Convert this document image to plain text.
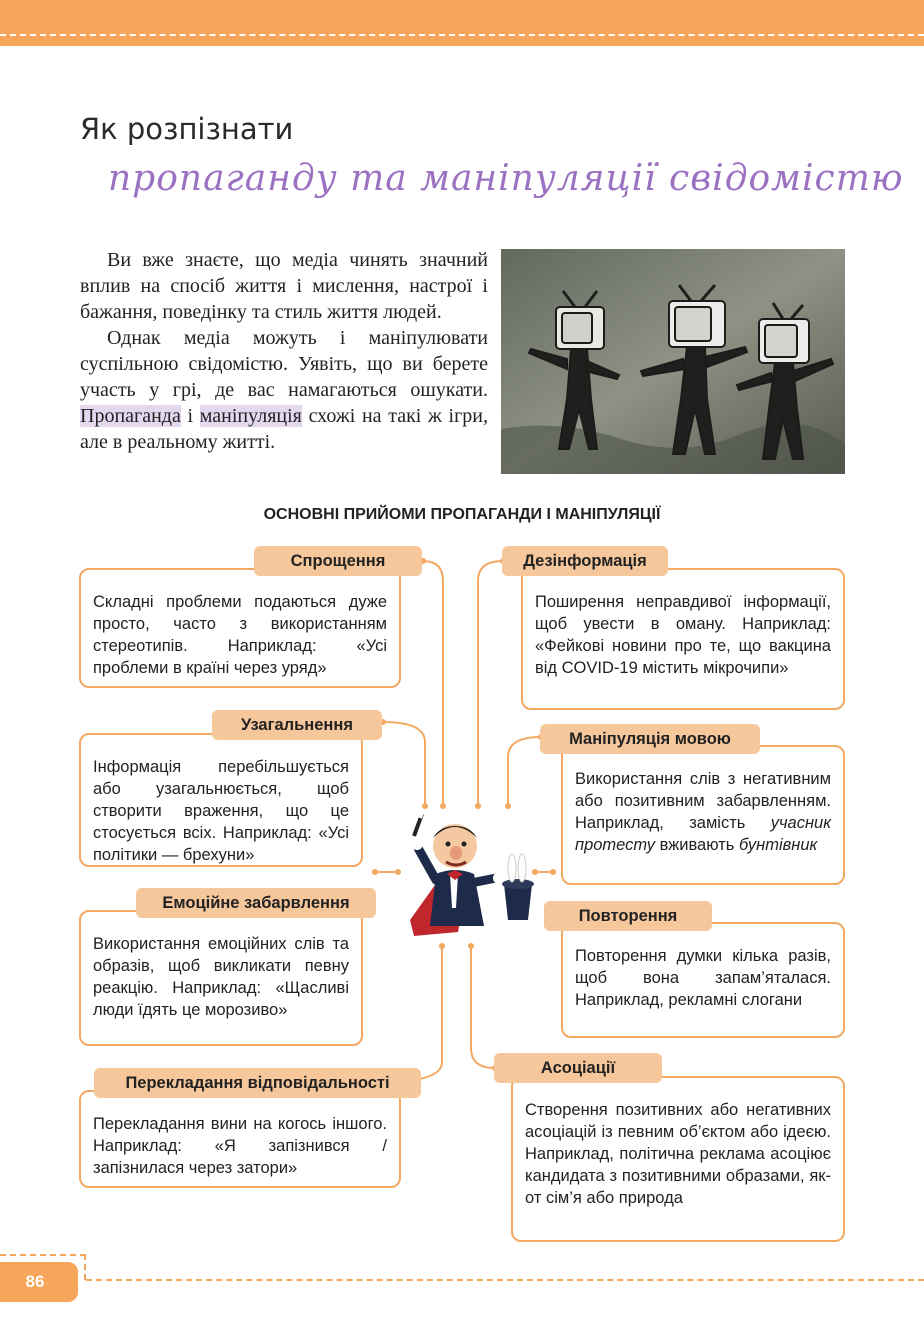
Як розпізнати
пропаганду та маніпуляції свідомістю

Ви вже знаєте, що медіа чинять значний вплив на спосіб життя і мислення, настрої і бажання, поведінку та стиль життя людей.

Однак медіа можуть і маніпулювати суспільною свідомістю. Уявіть, що ви берете участь у грі, де вас намагаються ошукати. Пропаганда і маніпуляція схожі на такі ж ігри, але в реальному житті.

ОСНОВНІ ПРИЙОМИ ПРОПАГАНДИ І МАНІПУЛЯЦІЇ
Складні проблеми подаються дуже просто, часто з використанням стереотипів. Наприклад: «Усі проблеми в країні через уряд»
Спрощення
Інформація перебільшується або узагальнюється, щоб створити враження, що це стосується всіх. Наприклад: «Усі політики — брехуни»
Узагальнення
Використання емоційних слів та образів, щоб викликати певну реакцію. Наприклад: «Щасливі люди їдять це морозиво»
Емоційне забарвлення
Перекладання вини на когось іншого. Наприклад: «Я запізнився / запізнилася через затори»
Перекладання відповідальності
Поширення неправдивої інформації, щоб увести в оману. Наприклад: «Фейкові новини про те, що вакцина від COVID-19 містить мікрочипи»
Дезінформація
Використання слів з негативним або позитивним забарвленням. Наприклад, замість учасник протесту вживають бунтівник
Маніпуляція мовою
Повторення думки кілька разів, щоб вона запам’яталася. Наприклад, рекламні слогани
Повторення
Створення позитивних або негативних асоціацій із певним об’єктом або ідеєю. Наприклад, політична реклама асоціює кандидата з позитивними образами, як-от сім’я або природа
Асоціації
86
